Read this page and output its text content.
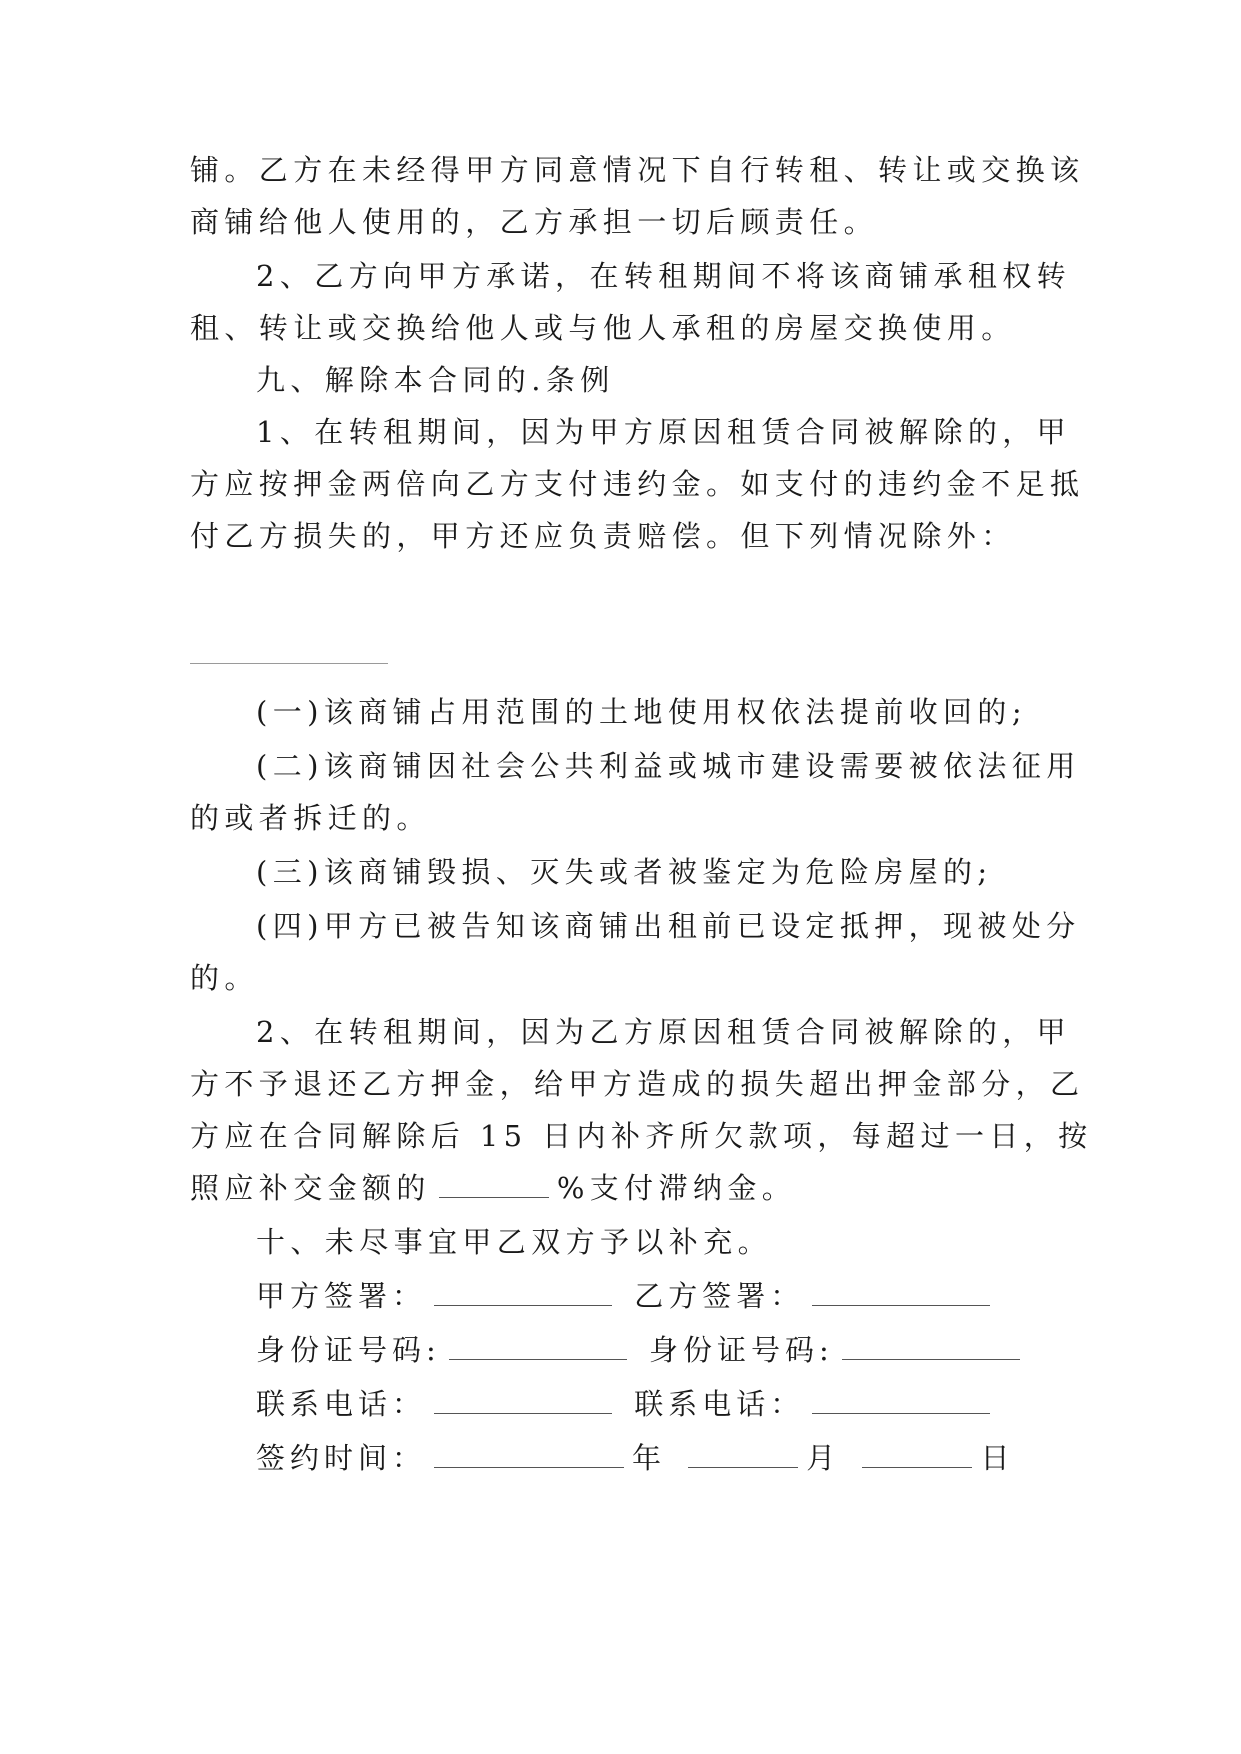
铺。乙方在未经得甲方同意情况下自行转租、转让或交换该
商铺给他人使用的，乙方承担一切后顾责任。
2、乙方向甲方承诺，在转租期间不将该商铺承租权转
租、转让或交换给他人或与他人承租的房屋交换使用。
九、解除本合同的.条例
1、在转租期间，因为甲方原因租赁合同被解除的，甲
方应按押金两倍向乙方支付违约金。如支付的违约金不足抵
付乙方损失的，甲方还应负责赔偿。但下列情况除外：
(一)该商铺占用范围的土地使用权依法提前收回的;
(二)该商铺因社会公共利益或城市建设需要被依法征用
的或者拆迁的。
(三)该商铺毁损、灭失或者被鉴定为危险房屋的;
(四)甲方已被告知该商铺出租前已设定抵押，现被处分
的。
2、在转租期间，因为乙方原因租赁合同被解除的，甲
方不予退还乙方押金，给甲方造成的损失超出押金部分，乙
方应在合同解除后 15 日内补齐所欠款项，每超过一日，按
照应补交金额的	%支付滞纳金。
十、未尽事宜甲乙双方予以补充。
甲方签署：	乙方签署：
身份证号码:	身份证号码:
联系电话：	联系电话：
签约时间：	年	月	日
